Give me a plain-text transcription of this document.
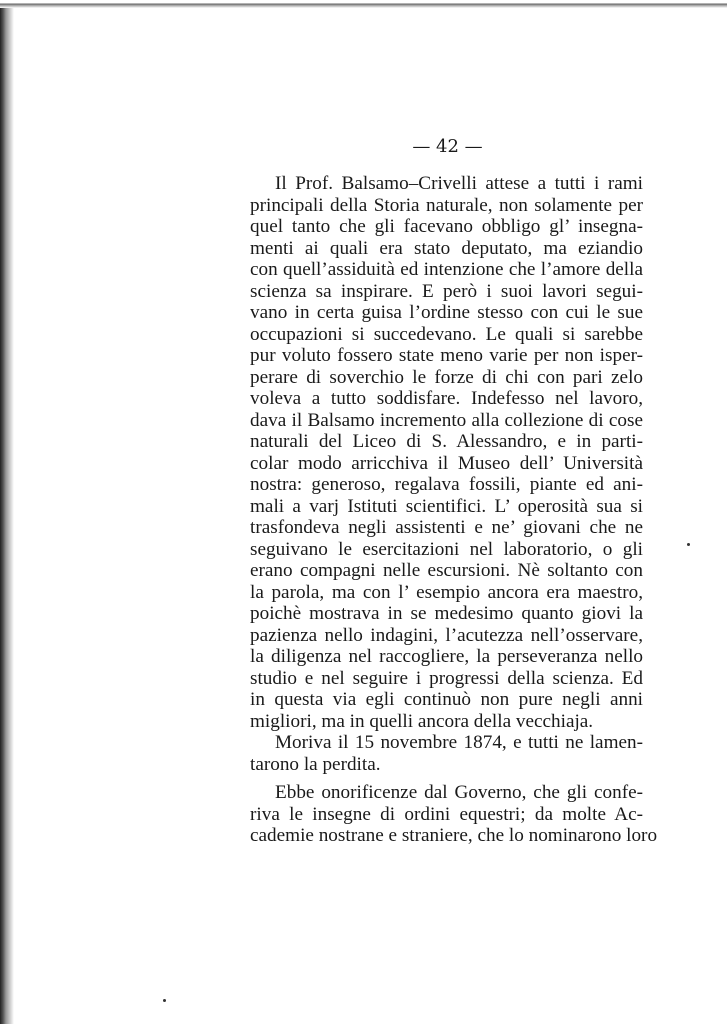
— 42 —
Il Prof. Balsamo–Crivelli attese a tutti i rami
principali della Storia naturale, non solamente per
quel tanto che gli facevano obbligo gl’ insegna-
menti ai quali era stato deputato, ma eziandio
con quell’assiduità ed intenzione che l’amore della
scienza sa inspirare. E però i suoi lavori segui-
vano in certa guisa l’ordine stesso con cui le sue
occupazioni si succedevano. Le quali si sarebbe
pur voluto fossero state meno varie per non isper-
perare di soverchio le forze di chi con pari zelo
voleva a tutto soddisfare. Indefesso nel lavoro,
dava il Balsamo incremento alla collezione di cose
naturali del Liceo di S. Alessandro, e in parti-
colar modo arricchiva il Museo dell’ Università
nostra: generoso, regalava fossili, piante ed ani-
mali a varj Istituti scientifici. L’ operosità sua si
trasfondeva negli assistenti e ne’ giovani che ne
seguivano le esercitazioni nel laboratorio, o gli
erano compagni nelle escursioni. Nè soltanto con
la parola, ma con l’ esempio ancora era maestro,
poichè mostrava in se medesimo quanto giovi la
pazienza nello indagini, l’acutezza nell’osservare,
la diligenza nel raccogliere, la perseveranza nello
studio e nel seguire i progressi della scienza. Ed
in questa via egli continuò non pure negli anni
migliori, ma in quelli ancora della vecchiaja.
Moriva il 15 novembre 1874, e tutti ne lamen-
tarono la perdita.
Ebbe onorificenze dal Governo, che gli confe-
riva le insegne di ordini equestri; da molte Ac-
cademie nostrane e straniere, che lo nominarono loro
